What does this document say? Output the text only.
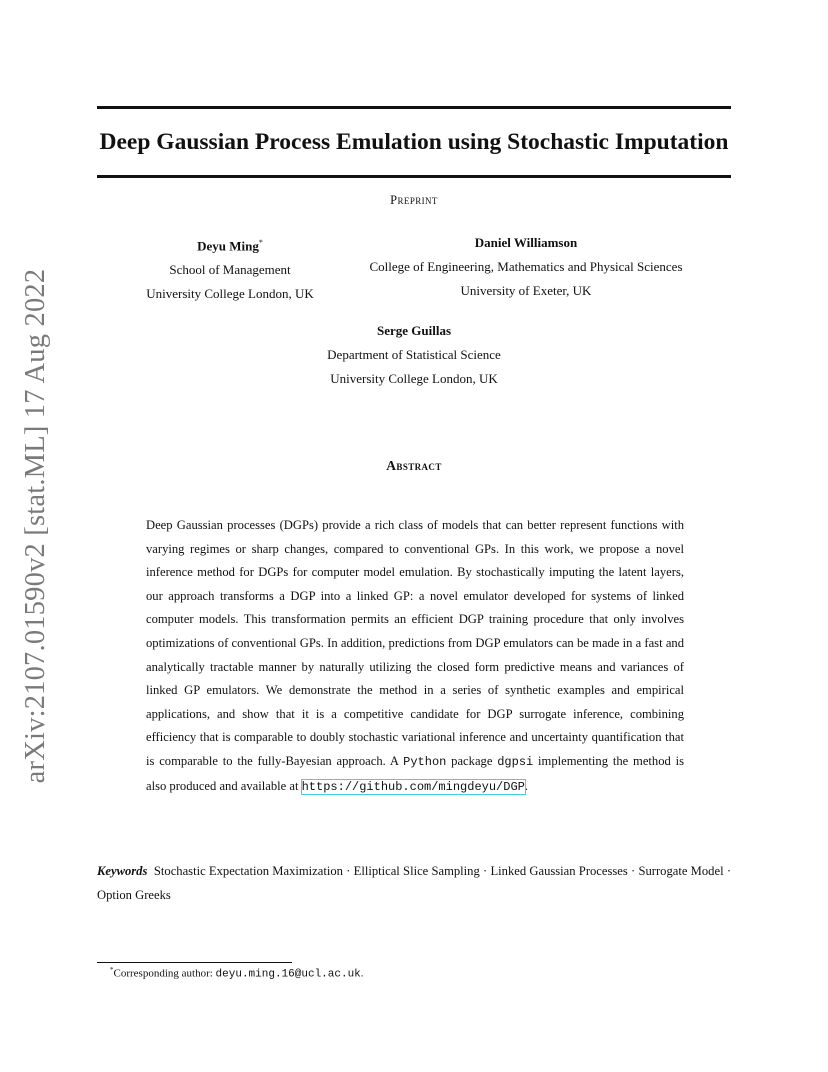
arXiv:2107.01590v2 [stat.ML] 17 Aug 2022
Deep Gaussian Process Emulation using Stochastic Imputation
Preprint
Deyu Ming*
School of Management
University College London, UK
Daniel Williamson
College of Engineering, Mathematics and Physical Sciences
University of Exeter, UK
Serge Guillas
Department of Statistical Science
University College London, UK
Abstract
Deep Gaussian processes (DGPs) provide a rich class of models that can better represent functions with varying regimes or sharp changes, compared to conventional GPs. In this work, we propose a novel inference method for DGPs for computer model emulation. By stochastically imputing the latent layers, our approach transforms a DGP into a linked GP: a novel emulator developed for systems of linked computer models. This transformation permits an efficient DGP training procedure that only involves optimizations of conventional GPs. In addition, predictions from DGP emulators can be made in a fast and analytically tractable manner by naturally utilizing the closed form predictive means and variances of linked GP emulators. We demonstrate the method in a series of synthetic examples and empirical applications, and show that it is a competitive candidate for DGP surrogate inference, combining efficiency that is comparable to doubly stochastic variational inference and uncertainty quantification that is comparable to the fully-Bayesian approach. A Python package dgpsi implementing the method is also produced and available at https://github.com/mingdeyu/DGP.
Keywords Stochastic Expectation Maximization · Elliptical Slice Sampling · Linked Gaussian Processes · Surrogate Model · Option Greeks
*Corresponding author: deyu.ming.16@ucl.ac.uk.
